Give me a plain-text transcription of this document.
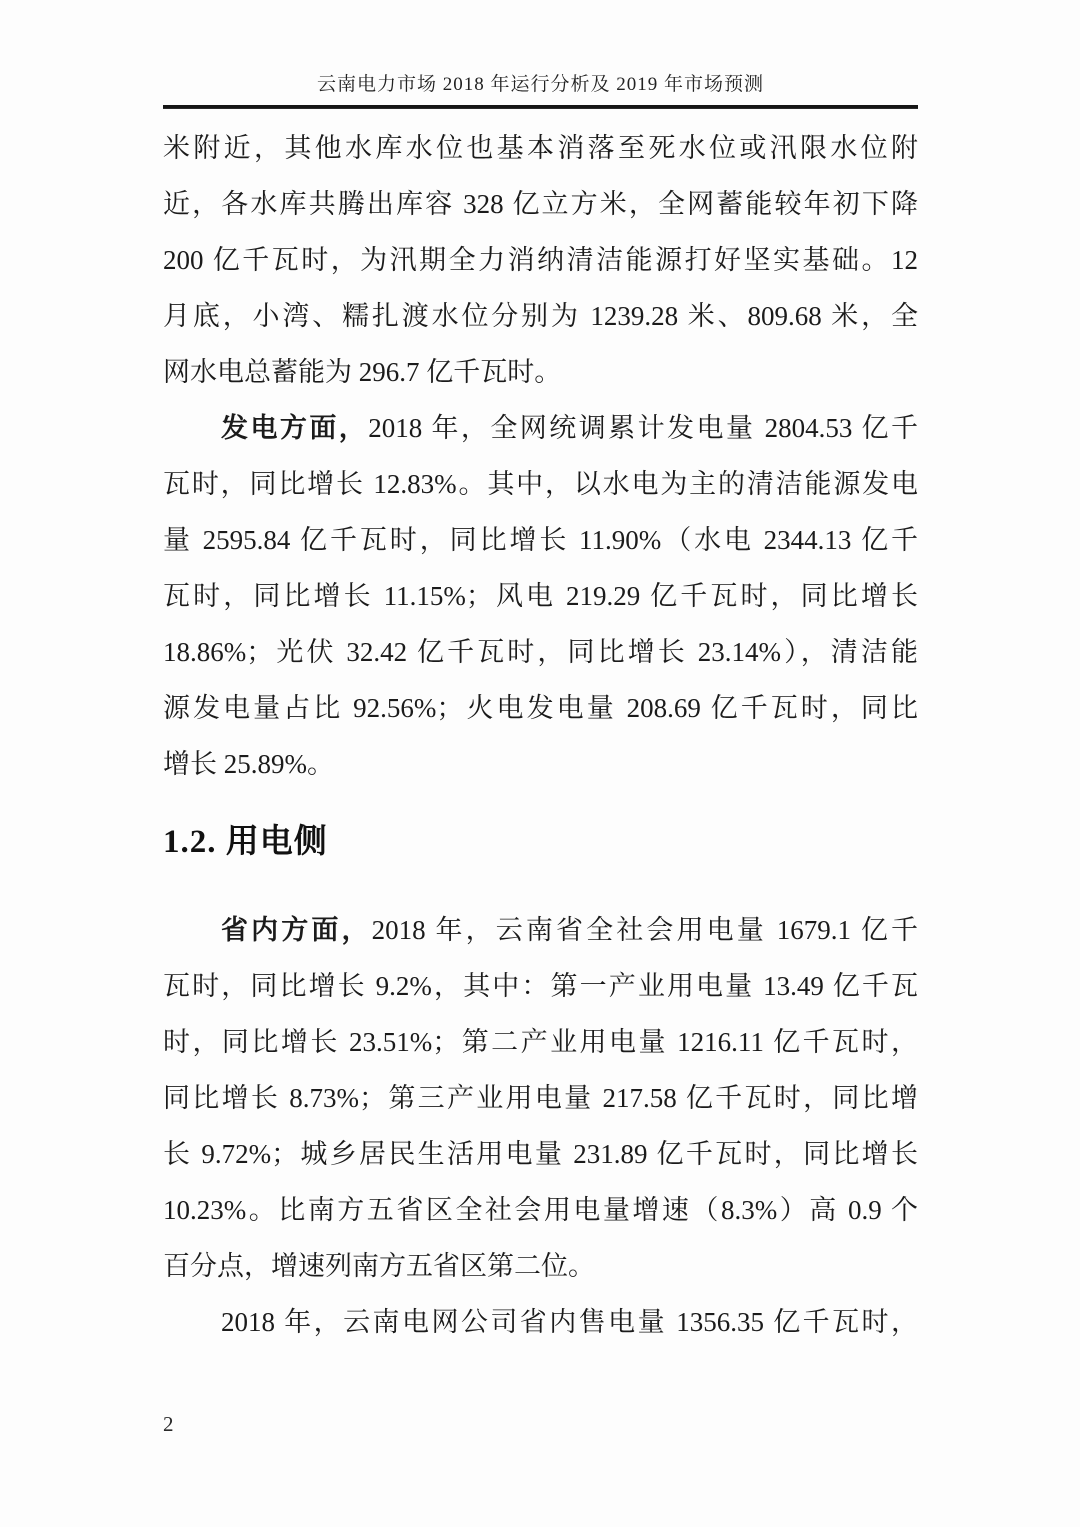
云南电力市场 2018 年运行分析及 2019 年市场预测
米附近，其他水库水位也基本消落至死水位或汛限水位附
近，各水库共腾出库容 328 亿立方米，全网蓄能较年初下降
200 亿千瓦时，为汛期全力消纳清洁能源打好坚实基础。12
月底，小湾、糯扎渡水位分别为 1239.28 米、809.68 米，全
网水电总蓄能为 296.7 亿千瓦时。
发电方面，2018 年，全网统调累计发电量 2804.53 亿千
瓦时，同比增长 12.83%。其中，以水电为主的清洁能源发电
量 2595.84 亿千瓦时，同比增长 11.90%（水电 2344.13 亿千
瓦时，同比增长 11.15%；风电 219.29 亿千瓦时，同比增长
18.86%；光伏 32.42 亿千瓦时，同比增长 23.14%），清洁能
源发电量占比 92.56%；火电发电量 208.69 亿千瓦时，同比
增长 25.89%。
1.2. 用电侧
省内方面，2018 年，云南省全社会用电量 1679.1 亿千
瓦时，同比增长 9.2%，其中：第一产业用电量 13.49 亿千瓦
时，同比增长 23.51%；第二产业用电量 1216.11 亿千瓦时，
同比增长 8.73%；第三产业用电量 217.58 亿千瓦时，同比增
长 9.72%；城乡居民生活用电量 231.89 亿千瓦时，同比增长
10.23%。比南方五省区全社会用电量增速（8.3%）高 0.9 个
百分点，增速列南方五省区第二位。
2018 年，云南电网公司省内售电量 1356.35 亿千瓦时，
2
